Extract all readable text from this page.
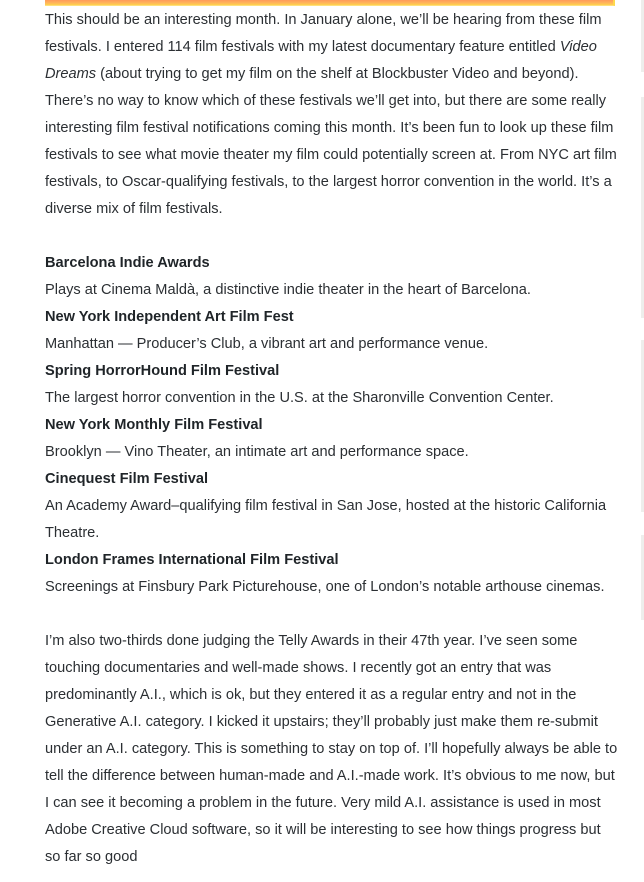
This should be an interesting month. In January alone, we’ll be hearing from these film festivals. I entered 114 film festivals with my latest documentary feature entitled Video Dreams (about trying to get my film on the shelf at Blockbuster Video and beyond). There’s no way to know which of these festivals we’ll get into, but there are some really interesting film festival notifications coming this month. It’s been fun to look up these film festivals to see what movie theater my film could potentially screen at. From NYC art film festivals, to Oscar-qualifying festivals, to the largest horror convention in the world. It’s a diverse mix of film festivals.

Barcelona Indie Awards

Plays at Cinema Maldà, a distinctive indie theater in the heart of Barcelona.

New York Independent Art Film Fest

Manhattan — Producer’s Club, a vibrant art and performance venue.

Spring HorrorHound Film Festival

The largest horror convention in the U.S. at the Sharonville Convention Center.

New York Monthly Film Festival

Brooklyn — Vino Theater, an intimate art and performance space.

Cinequest Film Festival

An Academy Award–qualifying film festival in San Jose, hosted at the historic California Theatre.

London Frames International Film Festival

Screenings at Finsbury Park Picturehouse, one of London’s notable arthouse cinemas.

I’m also two-thirds done judging the Telly Awards in their 47th year. I’ve seen some touching documentaries and well-made shows. I recently got an entry that was predominantly A.I., which is ok, but they entered it as a regular entry and not in the Generative A.I. category. I kicked it upstairs; they’ll probably just make them re-submit under an A.I. category. This is something to stay on top of. I’ll hopefully always be able to tell the difference between human-made and A.I.-made work. It’s obvious to me now, but I can see it becoming a problem in the future. Very mild A.I. assistance is used in most Adobe Creative Cloud software, so it will be interesting to see how things progress but so far so good
